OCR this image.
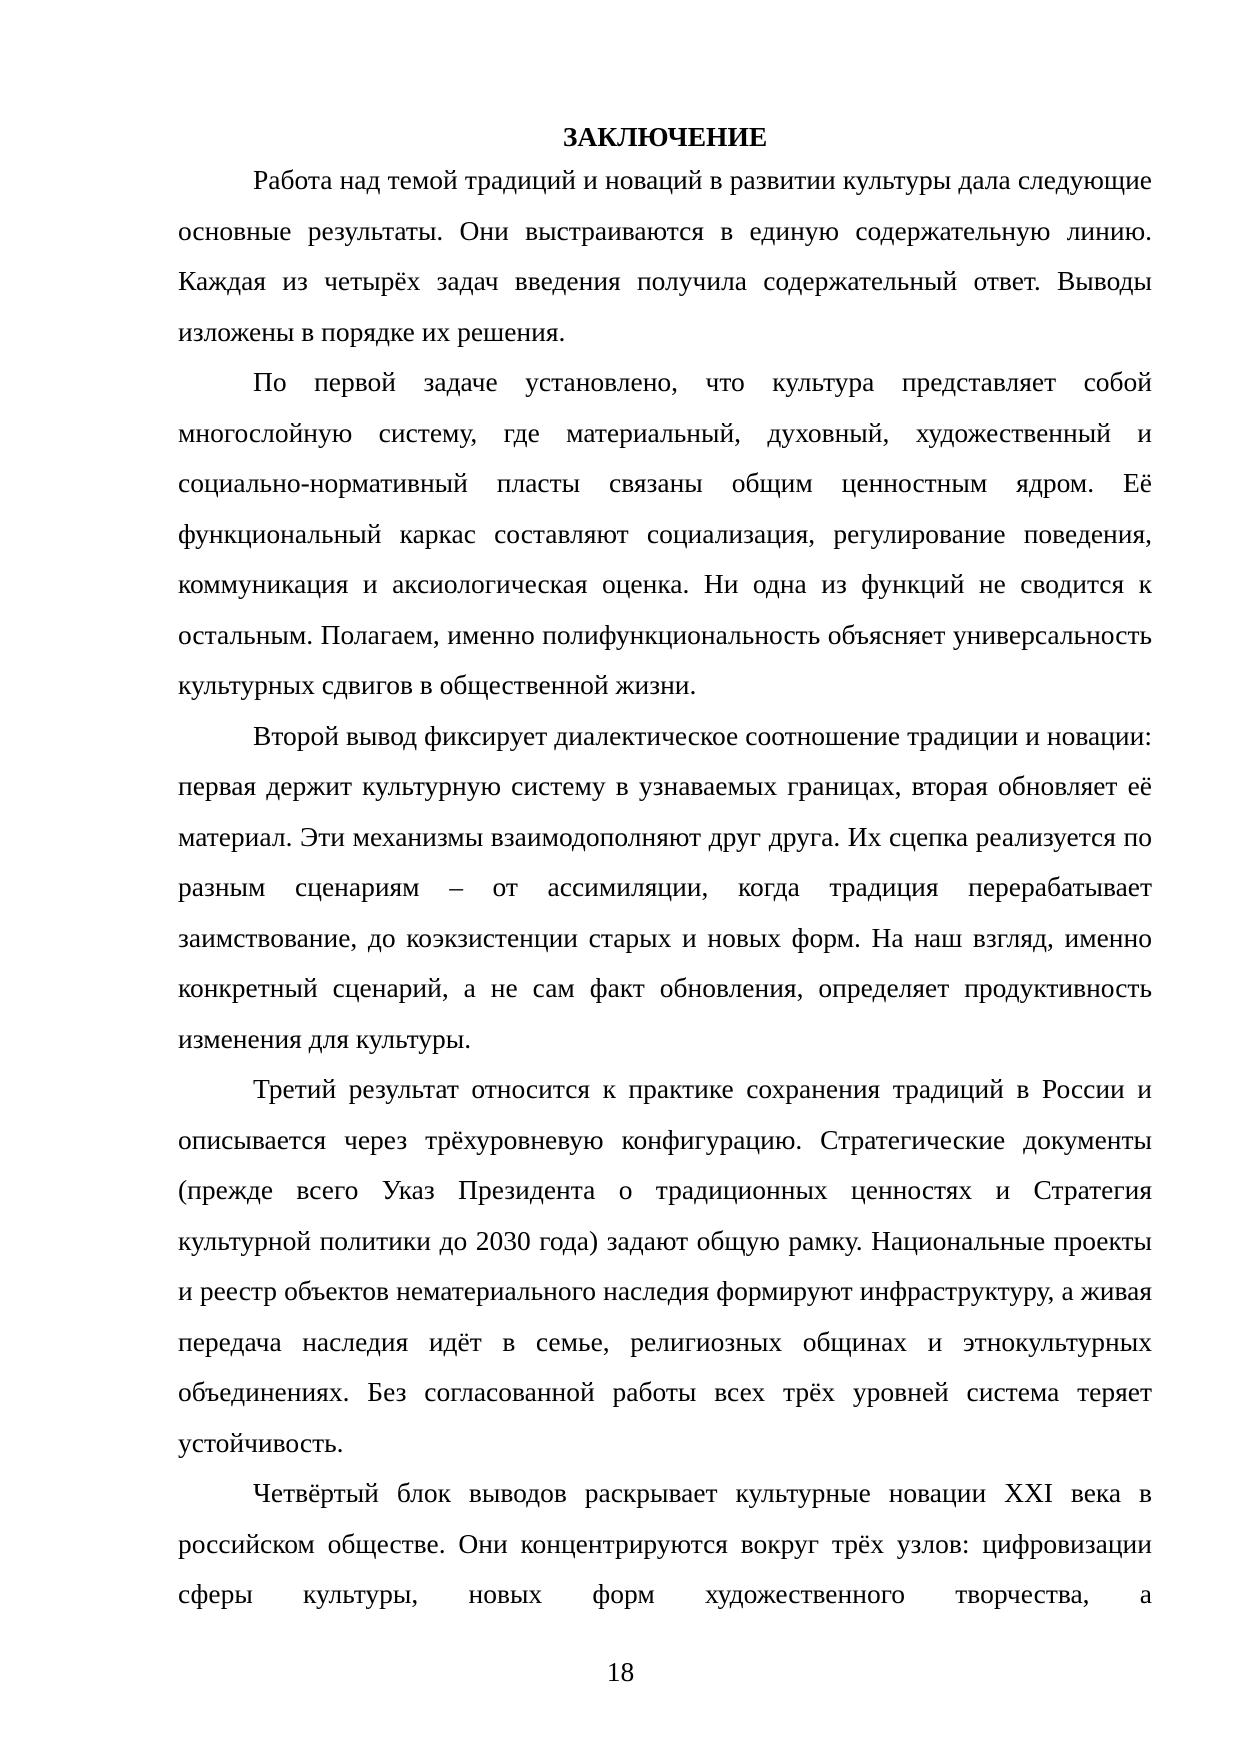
ЗАКЛЮЧЕНИЕ

Работа над темой традиций и новаций в развитии культуры дала следующие основные результаты. Они выстраиваются в единую содержательную линию. Каждая из четырёх задач введения получила содержательный ответ. Выводы изложены в порядке их решения.

По первой задаче установлено, что культура представляет собой многослойную систему, где материальный, духовный, художественный и социально-нормативный пласты связаны общим ценностным ядром. Её функциональный каркас составляют социализация, регулирование поведения, коммуникация и аксиологическая оценка. Ни одна из функций не сводится к остальным. Полагаем, именно полифункциональность объясняет универсальность культурных сдвигов в общественной жизни.

Второй вывод фиксирует диалектическое соотношение традиции и новации: первая держит культурную систему в узнаваемых границах, вторая обновляет её материал. Эти механизмы взаимодополняют друг друга. Их сцепка реализуется по разным сценариям – от ассимиляции, когда традиция перерабатывает заимствование, до коэкзистенции старых и новых форм. На наш взгляд, именно конкретный сценарий, а не сам факт обновления, определяет продуктивность изменения для культуры.

Третий результат относится к практике сохранения традиций в России и описывается через трёхуровневую конфигурацию. Стратегические документы (прежде всего Указ Президента о традиционных ценностях и Стратегия культурной политики до 2030 года) задают общую рамку. Национальные проекты и реестр объектов нематериального наследия формируют инфраструктуру, а живая передача наследия идёт в семье, религиозных общинах и этнокультурных объединениях. Без согласованной работы всех трёх уровней система теряет устойчивость.

Четвёртый блок выводов раскрывает культурные новации XXI века в российском обществе. Они концентрируются вокруг трёх узлов: цифровизации сферы культуры, новых форм художественного творчества, а

18
